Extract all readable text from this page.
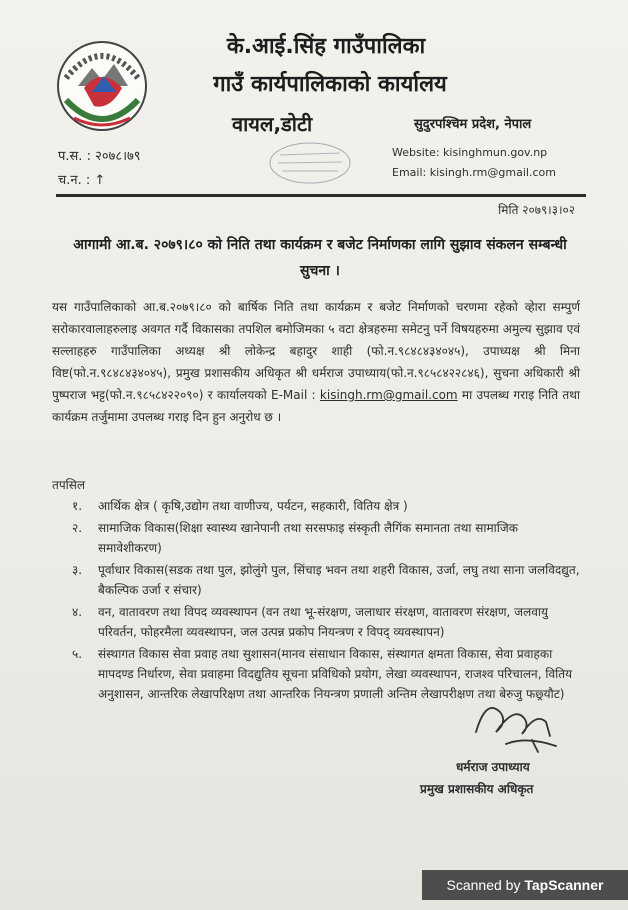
के.आई.सिंह गाउँपालिका
गाउँ कार्यपालिकाको कार्यालय
वायल,डोटी	सुदुरपश्चिम प्रदेश, नेपाल
Website: kisinghmun.gov.np
Email: kisingh.rm@gmail.com
प.स. : २०७८।७९
च.न. : ↑
मिति २०७९।३।०२
आगामी आ.ब. २०७९।८० को निति तथा कार्यक्रम र बजेट निर्माणका लागि सुझाव संकलन सम्बन्धी सुचना ।
यस गाउँपालिकाको आ.ब.२०७९।८० को बार्षिक निति तथा कार्यक्रम र बजेट निर्माणको चरणमा रहेको व्हेारा सम्पुर्ण सरोकारवालाहरुलाइ अवगत गर्दै विकासका तपशिल बमोजिमका ५ वटा क्षेत्रहरुमा समेटनु पर्ने विषयहरुमा अमुल्य सुझाव एवं सल्लाहहरु गाउँपालिका अध्यक्ष श्री लोकेन्द्र बहादुर शाही (फो.न.९८४८४३४०४५), उपाध्यक्ष श्री मिना विष्ट(फो.न.९८४८४३४०४५), प्रमुख प्रशासकीय अधिकृत श्री धर्मराज उपाध्याय(फो.न.९८५८४२२८४६), सुचना अधिकारी श्री पुष्पराज भट्ट(फो.न.९८५८४२२०९०) र कार्यालयको E-Mail : kisingh.rm@gmail.com मा उपलब्ध गराइ निति तथा कार्यक्रम तर्जुमामा उपलब्ध गराइ दिन हुन अनुरोध छ ।
तपसिल
१.	आर्थिक क्षेत्र ( कृषि,उद्योग तथा वाणीज्य, पर्यटन, सहकारी, वितिय क्षेत्र )
२.	सामाजिक विकास(शिक्षा स्वास्थ्य खानेपानी तथा सरसफाइ संस्कृती लैगिंक समानता तथा सामाजिक समावेशीकरण)
३.	पूर्वाधार विकास(सडक तथा पुल, झोलुंगे पुल, सिंचाइ भवन तथा शहरी विकास, उर्जा, लघु तथा साना जलविदद्युत, बैकल्पिक उर्जा र संचार)
४.	वन, वातावरण तथा विपद व्यवस्थापन (वन तथा भू-संरक्षण, जलाधार संरक्षण, वातावरण संरक्षण, जलवायु परिवर्तन, फोहरमैला व्यवस्थापन, जल उत्पन्न प्रकोप नियन्त्रण र विपद् व्यवस्थापन)
५.	संस्थागत विकास सेवा प्रवाह तथा सुशासन(मानव संसाधान विकास, संस्थागत क्षमता विकास, सेवा प्रवाहका मापदण्ड निर्धारण, सेवा प्रवाहमा विदद्युतिय सूचना प्रविधिको प्रयोग, लेखा व्यवस्थापन, राजश्व परिचालन, वितिय अनुशासन, आन्तरिक लेखापरिक्षण तथा आन्तरिक नियन्त्रण प्रणाली अन्तिम लेखापरीक्षण तथा बेरुजु फछ्र्यौट)
धर्मराज उपाध्याय
प्रमुख प्रशासकीय अधिकृत
Scanned by TapScanner
